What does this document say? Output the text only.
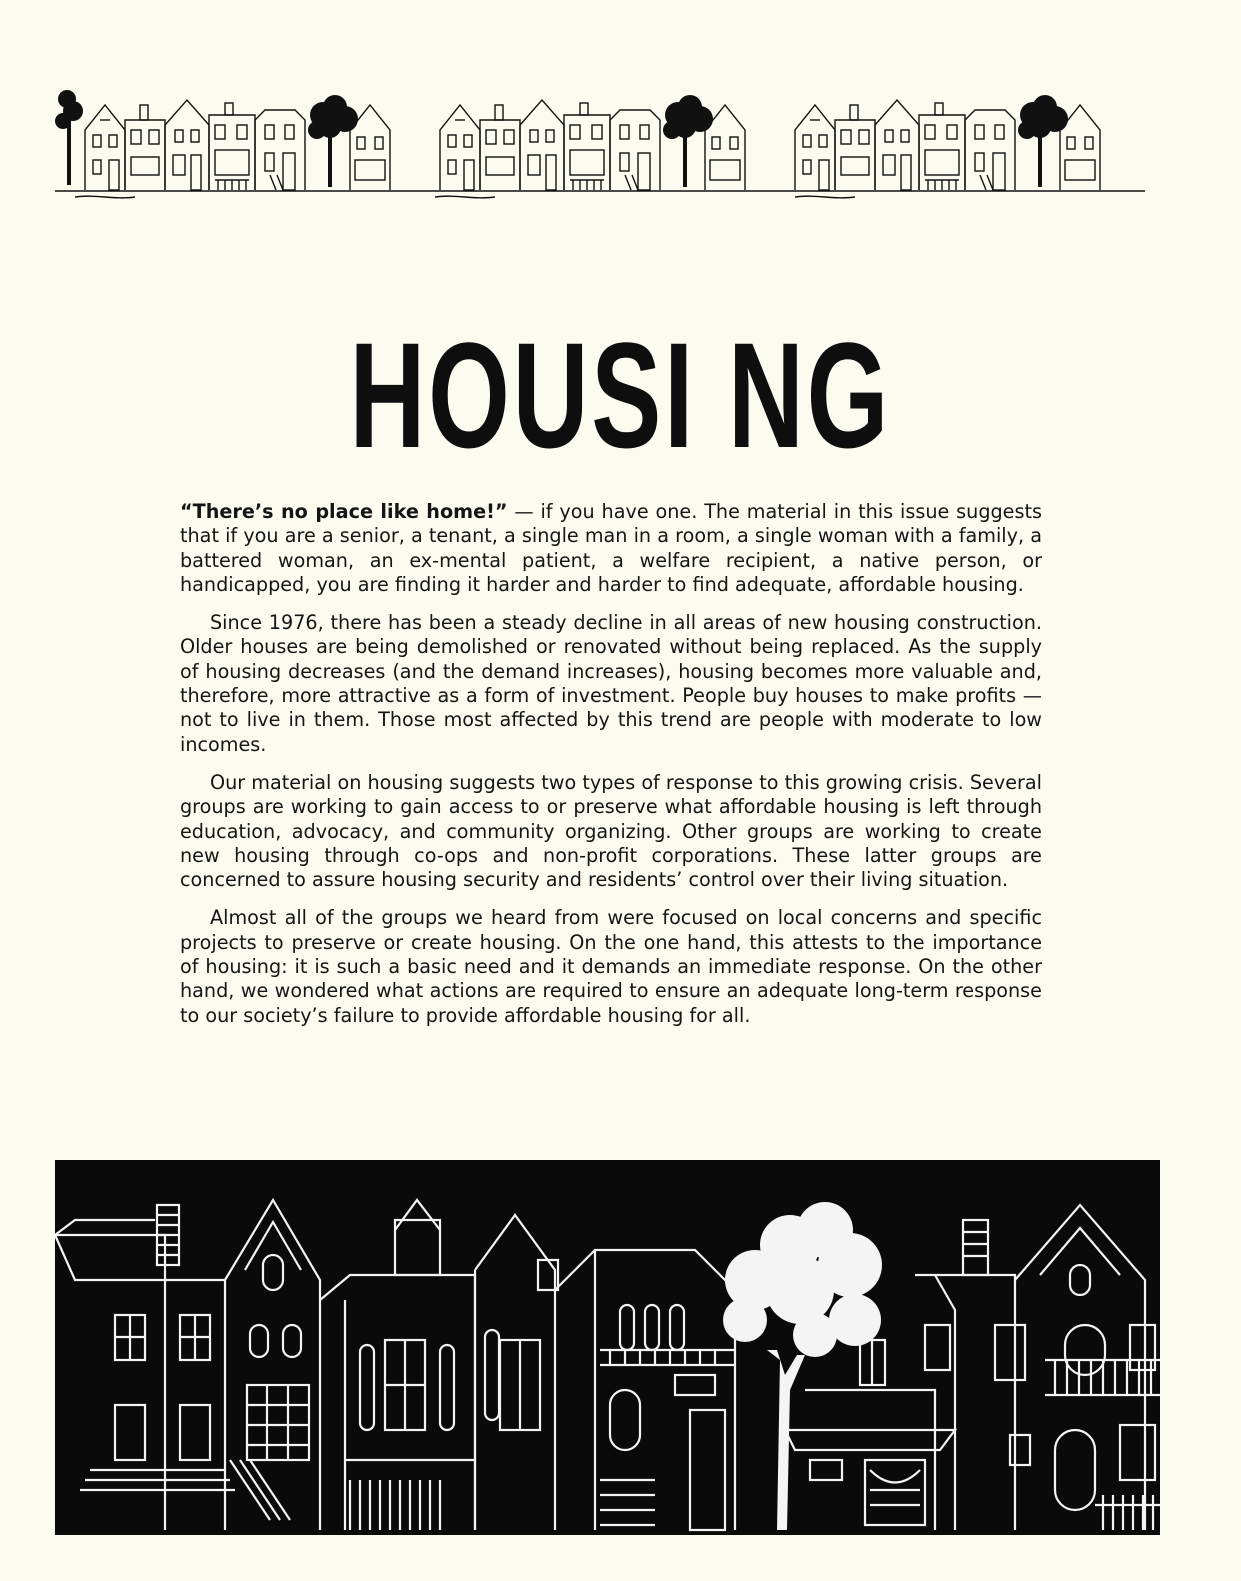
HOUSI NG

“There’s no place like home!” — if you have one. The material in this issue suggests that if you are a senior, a tenant, a single man in a room, a single woman with a family, a battered woman, an ex-mental patient, a welfare recipient, a native person, or handicapped, you are finding it harder and harder to find adequate, affordable housing.

Since 1976, there has been a steady decline in all areas of new housing construction. Older houses are being demolished or renovated without being replaced. As the supply of housing decreases (and the demand increases), housing becomes more valuable and, therefore, more attractive as a form of investment. People buy houses to make profits — not to live in them. Those most affected by this trend are people with moderate to low incomes.

Our material on housing suggests two types of response to this growing crisis. Several groups are working to gain access to or preserve what affordable housing is left through education, advocacy, and community organizing. Other groups are working to create new housing through co-ops and non-profit corporations. These latter groups are concerned to assure housing security and residents’ control over their living situation.

Almost all of the groups we heard from were focused on local concerns and specific projects to preserve or create housing. On the one hand, this attests to the importance of housing: it is such a basic need and it demands an immediate response. On the other hand, we wondered what actions are required to ensure an adequate long-term response to our society’s failure to provide affordable housing for all.
